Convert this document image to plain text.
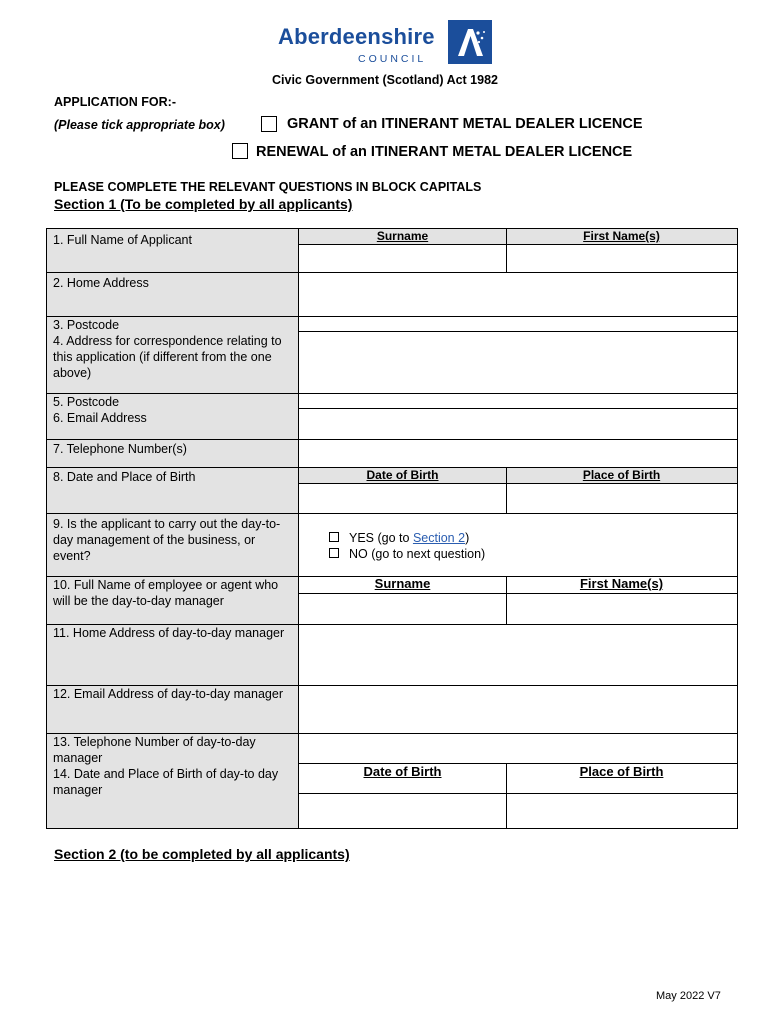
Aberdeenshire
COUNCIL
Civic Government (Scotland) Act 1982
APPLICATION FOR:-
(Please tick appropriate box)	GRANT of an ITINERANT METAL DEALER LICENCE
RENEWAL of an ITINERANT METAL DEALER LICENCE
PLEASE COMPLETE THE RELEVANT QUESTIONS IN BLOCK CAPITALS
Section 1 (To be completed by all applicants)
1. Full Name of Applicant	Surname	First Name(s)
2. Home Address
3. Postcode
4. Address for correspondence relating to this application (if different from the one above)
5. Postcode
6. Email Address
7. Telephone Number(s)
8. Date and Place of Birth	Date of Birth	Place of Birth
9. Is the applicant to carry out the day-to-day management of the business, or event?
YES (go to Section 2)
NO (go to next question)
10. Full Name of employee or agent who will be the day-to-day manager
Surname	First Name(s)
11. Home Address of day-to-day manager
12. Email Address of day-to-day manager
13. Telephone Number of day-to-day manager
14. Date and Place of Birth of day-to day manager
Date of Birth	Place of Birth
Section 2 (to be completed by all applicants)
May 2022 V7
